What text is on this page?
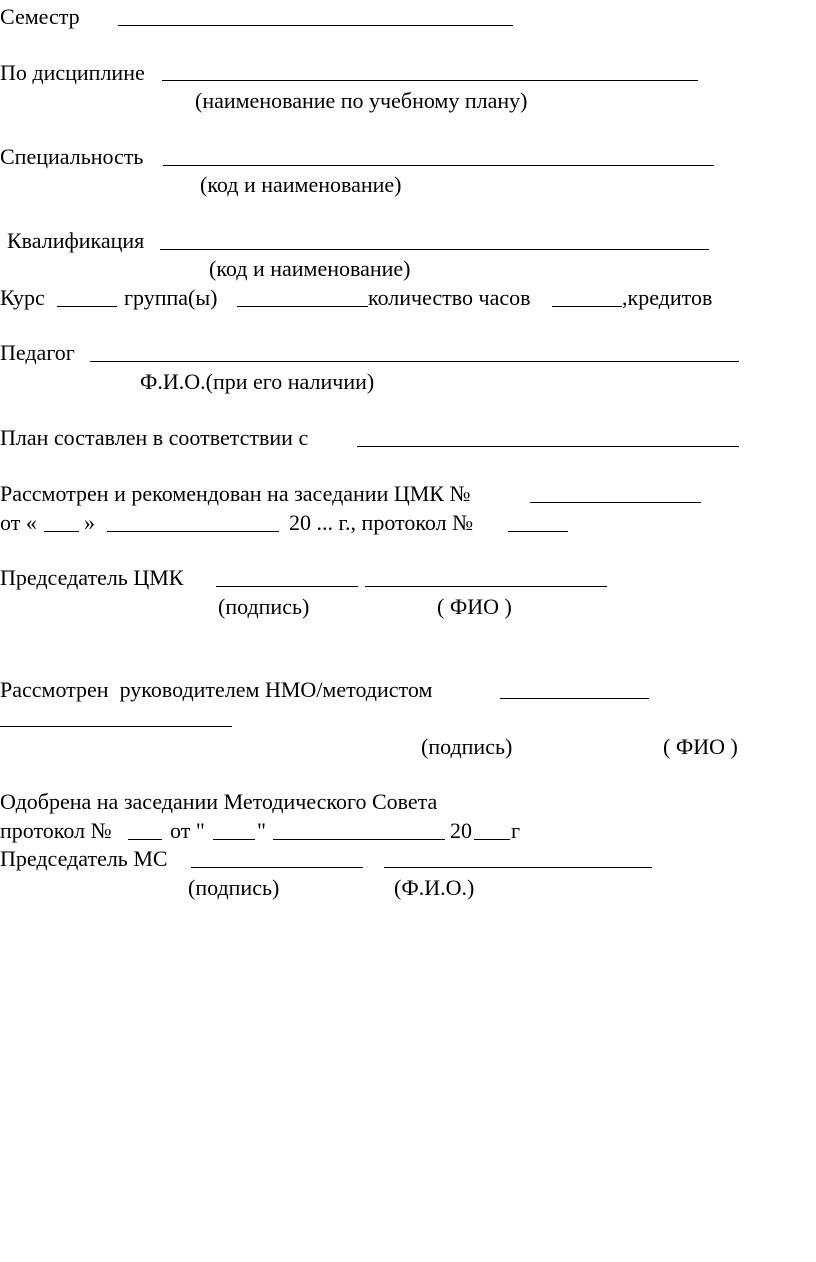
Семестр
По дисциплине
(наименование по учебному плану)
Специальность
(код и наименование)
Квалификация
(код и наименование)
Курс	группа(ы)	количество часов	,кредитов
Педагог
Ф.И.О.(при его наличии)
План составлен в соответствии с
Рассмотрен и рекомендован на заседании ЦМК №
от « »	20 ... г., протокол №
Председатель ЦМК
(подпись)	( ФИО )
Рассмотрен  руководителем НМО/методистом
(подпись)	( ФИО )
Одобрена на заседании Методического Совета
протокол №	от " "	20 г
Председатель МС
(подпись)	(Ф.И.О.)
